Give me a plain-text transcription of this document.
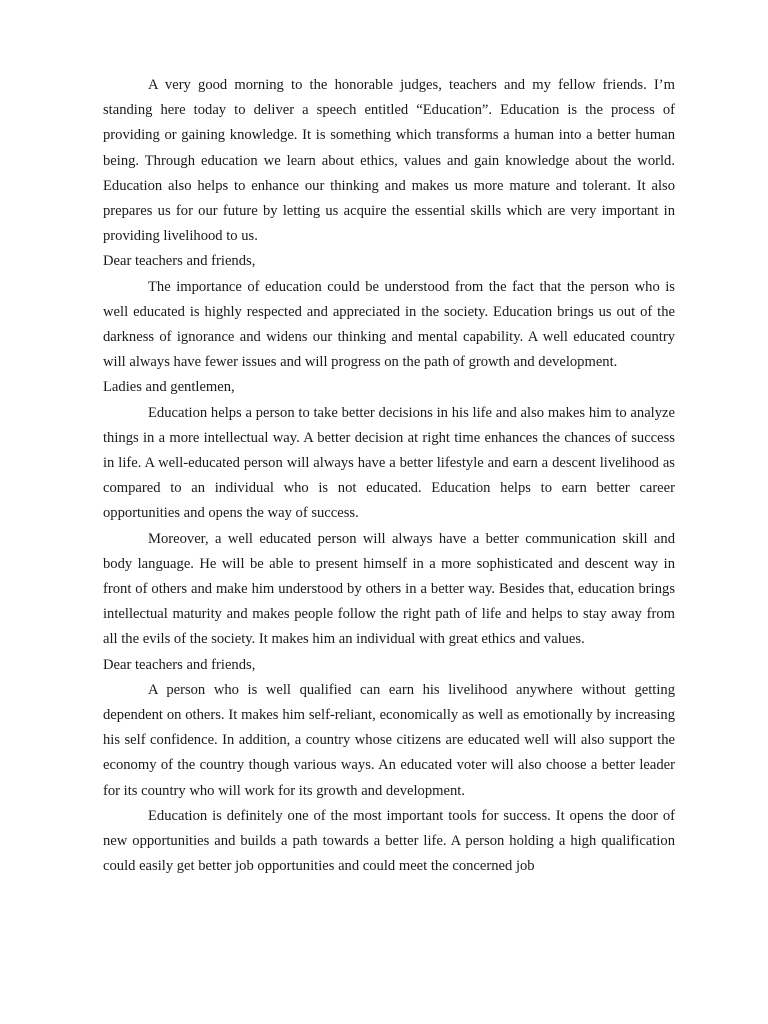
A very good morning to the honorable judges, teachers and my fellow friends. I’m standing here today to deliver a speech entitled “Education”. Education is the process of providing or gaining knowledge. It is something which transforms a human into a better human being. Through education we learn about ethics, values and gain knowledge about the world. Education also helps to enhance our thinking and makes us more mature and tolerant. It also prepares us for our future by letting us acquire the essential skills which are very important in providing livelihood to us.

Dear teachers and friends,

The importance of education could be understood from the fact that the person who is well educated is highly respected and appreciated in the society. Education brings us out of the darkness of ignorance and widens our thinking and mental capability. A well educated country will always have fewer issues and will progress on the path of growth and development.

Ladies and gentlemen,

Education helps a person to take better decisions in his life and also makes him to analyze things in a more intellectual way. A better decision at right time enhances the chances of success in life. A well-educated person will always have a better lifestyle and earn a descent livelihood as compared to an individual who is not educated. Education helps to earn better career opportunities and opens the way of success.

Moreover, a well educated person will always have a better communication skill and body language. He will be able to present himself in a more sophisticated and descent way in front of others and make him understood by others in a better way. Besides that, education brings intellectual maturity and makes people follow the right path of life and helps to stay away from all the evils of the society. It makes him an individual with great ethics and values.

Dear teachers and friends,

A person who is well qualified can earn his livelihood anywhere without getting dependent on others. It makes him self-reliant, economically as well as emotionally by increasing his self confidence. In addition, a country whose citizens are educated well will also support the economy of the country though various ways. An educated voter will also choose a better leader for its country who will work for its growth and development.

Education is definitely one of the most important tools for success. It opens the door of new opportunities and builds a path towards a better life. A person holding a high qualification could easily get better job opportunities and could meet the concerned job
